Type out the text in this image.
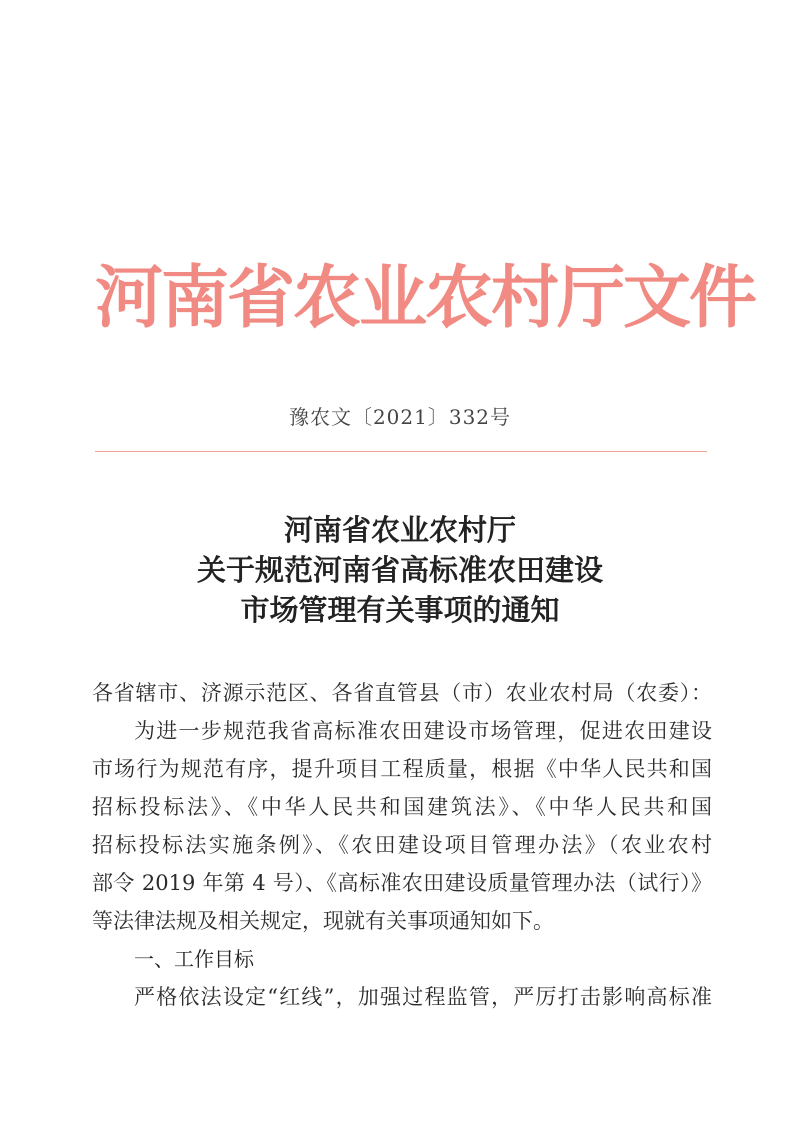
河南省农业农村厅文件
豫农文〔2021〕332号
河南省农业农村厅
关于规范河南省高标准农田建设
市场管理有关事项的通知
各省辖市、济源示范区、各省直管县（市）农业农村局（农委）：
为进一步规范我省高标准农田建设市场管理，促进农田建设
市场行为规范有序，提升项目工程质量，根据《中华人民共和国
招标投标法》、《中华人民共和国建筑法》、《中华人民共和国
招标投标法实施条例》、《农田建设项目管理办法》（农业农村
部令 2019 年第 4 号）、《高标准农田建设质量管理办法（试行）》
等法律法规及相关规定，现就有关事项通知如下。
一、工作目标
严格依法设定“红线”，加强过程监管，严厉打击影响高标准
